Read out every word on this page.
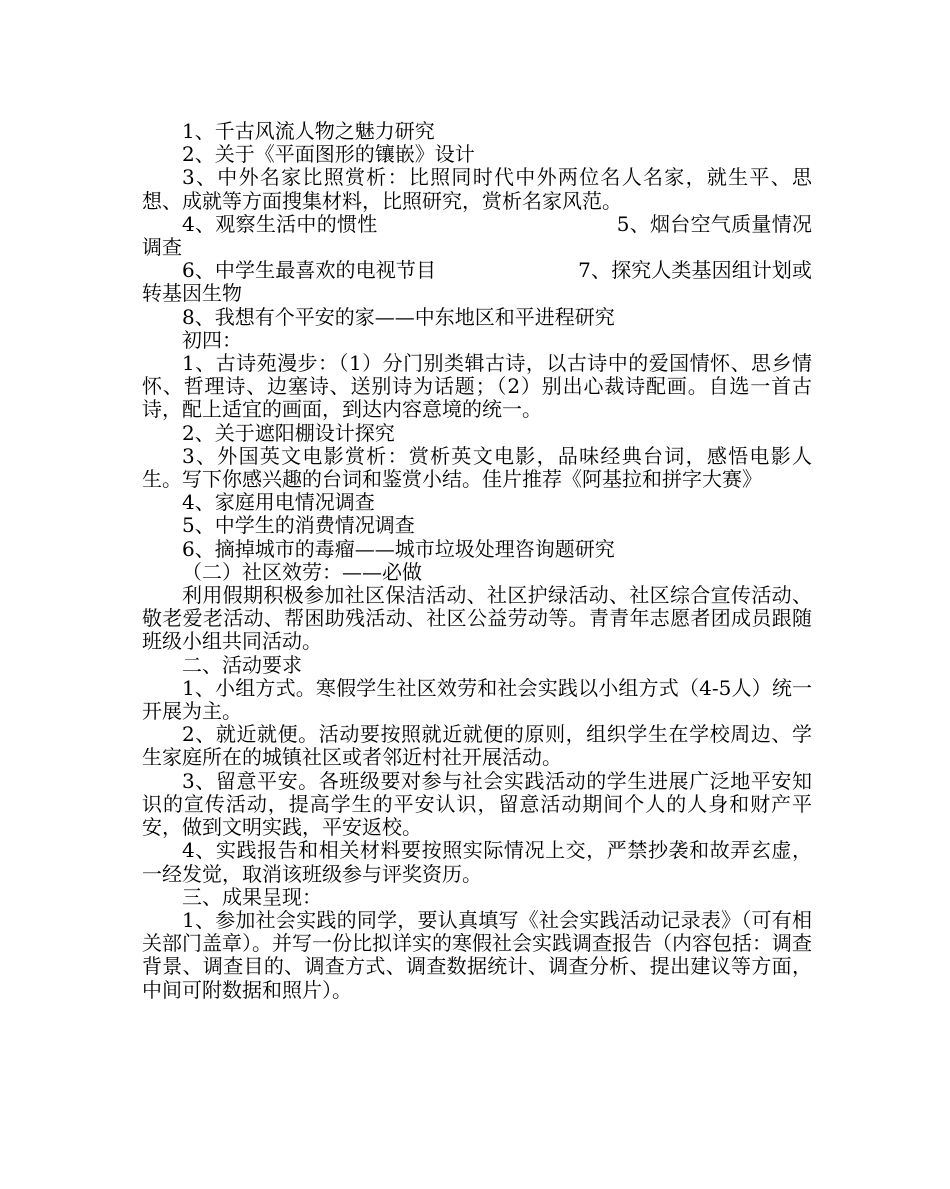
1、千古风流人物之魅力研究

2、关于《平面图形的镶嵌》设计

3、中外名家比照赏析：比照同时代中外两位名人名家，就生平、思想、成就等方面搜集材料，比照研究，赏析名家风范。

4、观察生活中的惯性                                    5、烟台空气质量情况调查

6、中学生最喜欢的电视节目                      7、探究人类基因组计划或转基因生物

8、我想有个平安的家——中东地区和平进程研究

初四：

1、古诗苑漫步：（1）分门别类辑古诗，以古诗中的爱国情怀、思乡情怀、哲理诗、边塞诗、送别诗为话题；（2）别出心裁诗配画。自选一首古诗，配上适宜的画面，到达内容意境的统一。

2、关于遮阳棚设计探究

3、外国英文电影赏析：赏析英文电影，品味经典台词，感悟电影人生。写下你感兴趣的台词和鉴赏小结。佳片推荐《阿基拉和拼字大赛》

4、家庭用电情况调查

5、中学生的消费情况调查

6、摘掉城市的毒瘤——城市垃圾处理咨询题研究

（二）社区效劳：——必做

利用假期积极参加社区保洁活动、社区护绿活动、社区综合宣传活动、敬老爱老活动、帮困助残活动、社区公益劳动等。青青年志愿者团成员跟随班级小组共同活动。

二、活动要求

1、小组方式。寒假学生社区效劳和社会实践以小组方式（4-5人）统一开展为主。

2、就近就便。活动要按照就近就便的原则，组织学生在学校周边、学生家庭所在的城镇社区或者邻近村社开展活动。

3、留意平安。各班级要对参与社会实践活动的学生进展广泛地平安知识的宣传活动，提高学生的平安认识，留意活动期间个人的人身和财产平安，做到文明实践，平安返校。

4、实践报告和相关材料要按照实际情况上交，严禁抄袭和故弄玄虚，一经发觉，取消该班级参与评奖资历。

三、成果呈现：

1、参加社会实践的同学，要认真填写《社会实践活动记录表》（可有相关部门盖章）。并写一份比拟详实的寒假社会实践调查报告（内容包括：调查背景、调查目的、调查方式、调查数据统计、调查分析、提出建议等方面，中间可附数据和照片）。
